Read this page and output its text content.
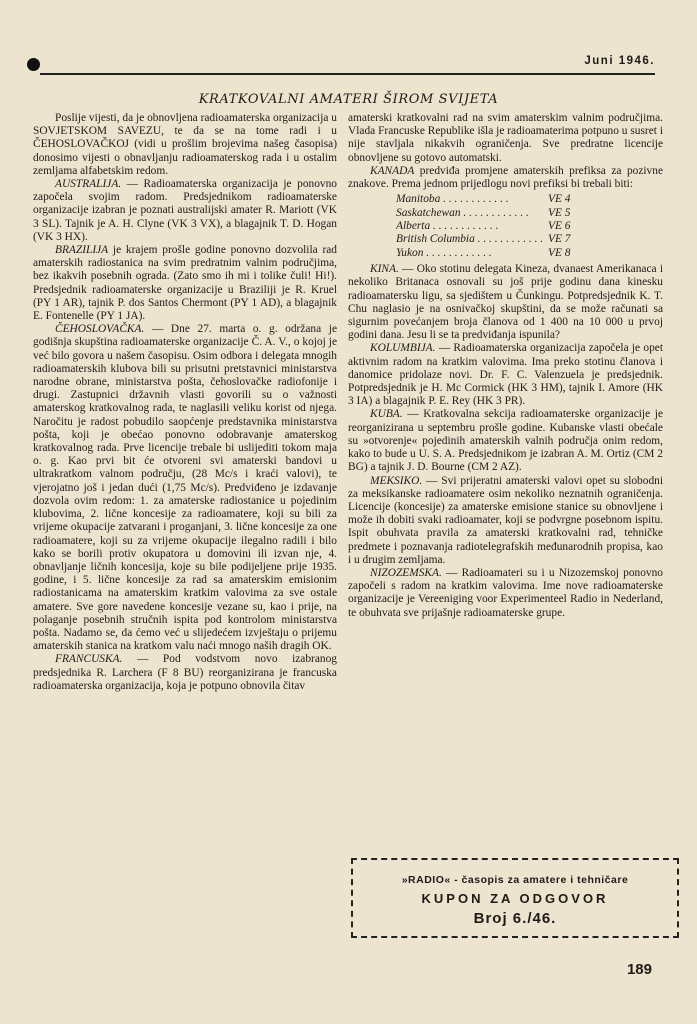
Juni 1946.
KRATKOVALNI AMATERI ŠIROM SVIJETA

Poslije vijesti, da je obnovljena radioamaterska organizacija u SOVJETSKOM SAVEZU, te da se na tome radi i u ČEHOSLOVAČKOJ (vidi u prošlim brojevima našeg časopisa) donosimo vijesti o obnavljanju radioamaterskog rada i u ostalim zemljama alfabetskim redom.

AUSTRALIJA. — Radioamaterska organizacija je ponovno započela svojim radom. Predsjednikom radioamaterske organizacije izabran je poznati australijski amater R. Mariott (VK 3 SL). Tajnik je A. H. Clyne (VK 3 VX), a blagajnik T. D. Hogan (VK 3 HX).

BRAZILIJA je krajem prošle godine ponovno dozvolila rad amaterskih radiostanica na svim predratnim valnim područjima, bez ikakvih posebnih ograda. (Zato smo ih mi i tolike čuli! Hi!). Predsjednik radioamaterske organizacije u Braziliji je R. Kruel (PY 1 AR), tajnik P. dos Santos Chermont (PY 1 AD), a blagajnik E. Fontenelle (PY 1 JA).

ČEHOSLOVAČKA. — Dne 27. marta o. g. održana je godišnja skupština radioamaterske organizacije Č. A. V., o kojoj je već bilo govora u našem časopisu. Osim odbora i delegata mnogih radioamaterskih klubova bili su prisutni pretstavnici ministarstva narodne obrane, ministarstva pošta, čehoslovačke radiofonije i drugi. Zastupnici državnih vlasti govorili su o važnosti amaterskog kratkovalnog rada, te naglasili veliku korist od njega. Naročitu je radost pobudilo saopćenje predstavnika ministarstva pošta, koji je obećao ponovno odobravanje amaterskog kratkovalnog rada. Prve licencije trebale bi uslijediti tokom maja o. g. Kao prvi bit će otvoreni svi amaterski bandovi u ultrakratkom valnom području, (28 Mc/s i kraći valovi), te vjerojatno još i jedan dući (1,75 Mc/s). Predviđeno je izdavanje dozvola ovim redom: 1. za amaterske radiostanice u pojedinim klubovima, 2. lične koncesije za radioamatere, koji su bili za vrijeme okupacije zatvarani i proganjani, 3. lične koncesije za one radioamatere, koji su za vrijeme okupacije ilegalno radili i bilo kako se borili protiv okupatora u domovini ili izvan nje, 4. obnavljanje ličnih koncesija, koje su bile podijeljene prije 1935. godine, i 5. lične koncesije za rad sa amaterskim emisionim radiostanicama na amaterskim kratkim valovima za sve ostale amatere. Sve gore navedene koncesije vezane su, kao i prije, na polaganje posebnih stručnih ispita pod kontrolom ministarstva pošta. Nadamo se, da ćemo već u slijedećem izvještaju o prijemu amaterskih stanica na kratkom valu naći mnogo naših dragih OK.

FRANCUSKA. — Pod vodstvom novo izabranog predsjednika R. Larchera (F 8 BU) reorganizirana je francuska radioamaterska organizacija, koja je potpuno obnovila čitav

amaterski kratkovalni rad na svim amaterskim valnim područjima. Vlada Francuske Republike išla je radioamaterima potpuno u susret i nije stavljala nikakvih ograničenja. Sve predratne licencije obnovljene su gotovo automatski.

KANADA predviđa promjene amaterskih prefiksa za pozivne znakove. Prema jednom prijedlogu novi prefiksi bi trebali biti:

Manitoba . . .	VE 4
Saskatchewan . . .	VE 5
Alberta . . .	VE 6
British Columbia . . .	VE 7
Yukon . . .	VE 8

KINA. — Oko stotinu delegata Kineza, dvanaest Amerikanaca i nekoliko Britanaca osnovali su još prije godinu dana kinesku radioamatersku ligu, sa sjedištem u Čunkingu. Potpredsjednik K. T. Chu naglasio je na osnivačkoj skupštini, da se može računati sa sigurnim povećanjem broja članova od 1 400 na 10 000 u prvoj godini dana. Jesu li se ta predviđanja ispunila?

KOLUMBIJA. — Radioamaterska organizacija započela je opet aktivnim radom na kratkim valovima. Ima preko stotinu članova i danomice pridolaze novi. Dr. F. C. Valenzuela je predsjednik. Potpredsjednik je H. Mc Cormick (HK 3 HM), tajnik I. Amore (HK 3 IA) a blagajnik P. E. Rey (HK 3 PR).

KUBA. — Kratkovalna sekcija radioamaterske organizacije je reorganizirana u septembru prošle godine. Kubanske vlasti obećale su »otvorenje« pojedinih amaterskih valnih područja onim redom, kako to bude u U. S. A. Predsjednikom je izabran A. M. Ortiz (CM 2 BG) a tajnik J. D. Bourne (CM 2 AZ).

MEKSIKO. — Svi prijeratni amaterski valovi opet su slobodni za meksikanske radioamatere osim nekoliko neznatnih ograničenja. Licencije (koncesije) za amaterske emisione stanice su obnovljene i može ih dobiti svaki radioamater, koji se podvrgne posebnom ispitu. Ispit obuhvata pravila za amaterski kratkovalni rad, tehničke predmete i poznavanja radiotelegrafskih međunarodnih propisa, kao i u drugim zemljama.

NIZOZEMSKA. — Radioamateri su i u Nizozemskoj ponovno započeli s radom na kratkim valovima. Ime nove radioamaterske organizacije je Vereeniging voor Experimenteel Radio in Nederland, te obuhvata sve prijašnje radioamaterske grupe.

»RADIO« - časopis za amatere i tehničare
KUPON ZA ODGOVOR
Broj 6./46.
189
